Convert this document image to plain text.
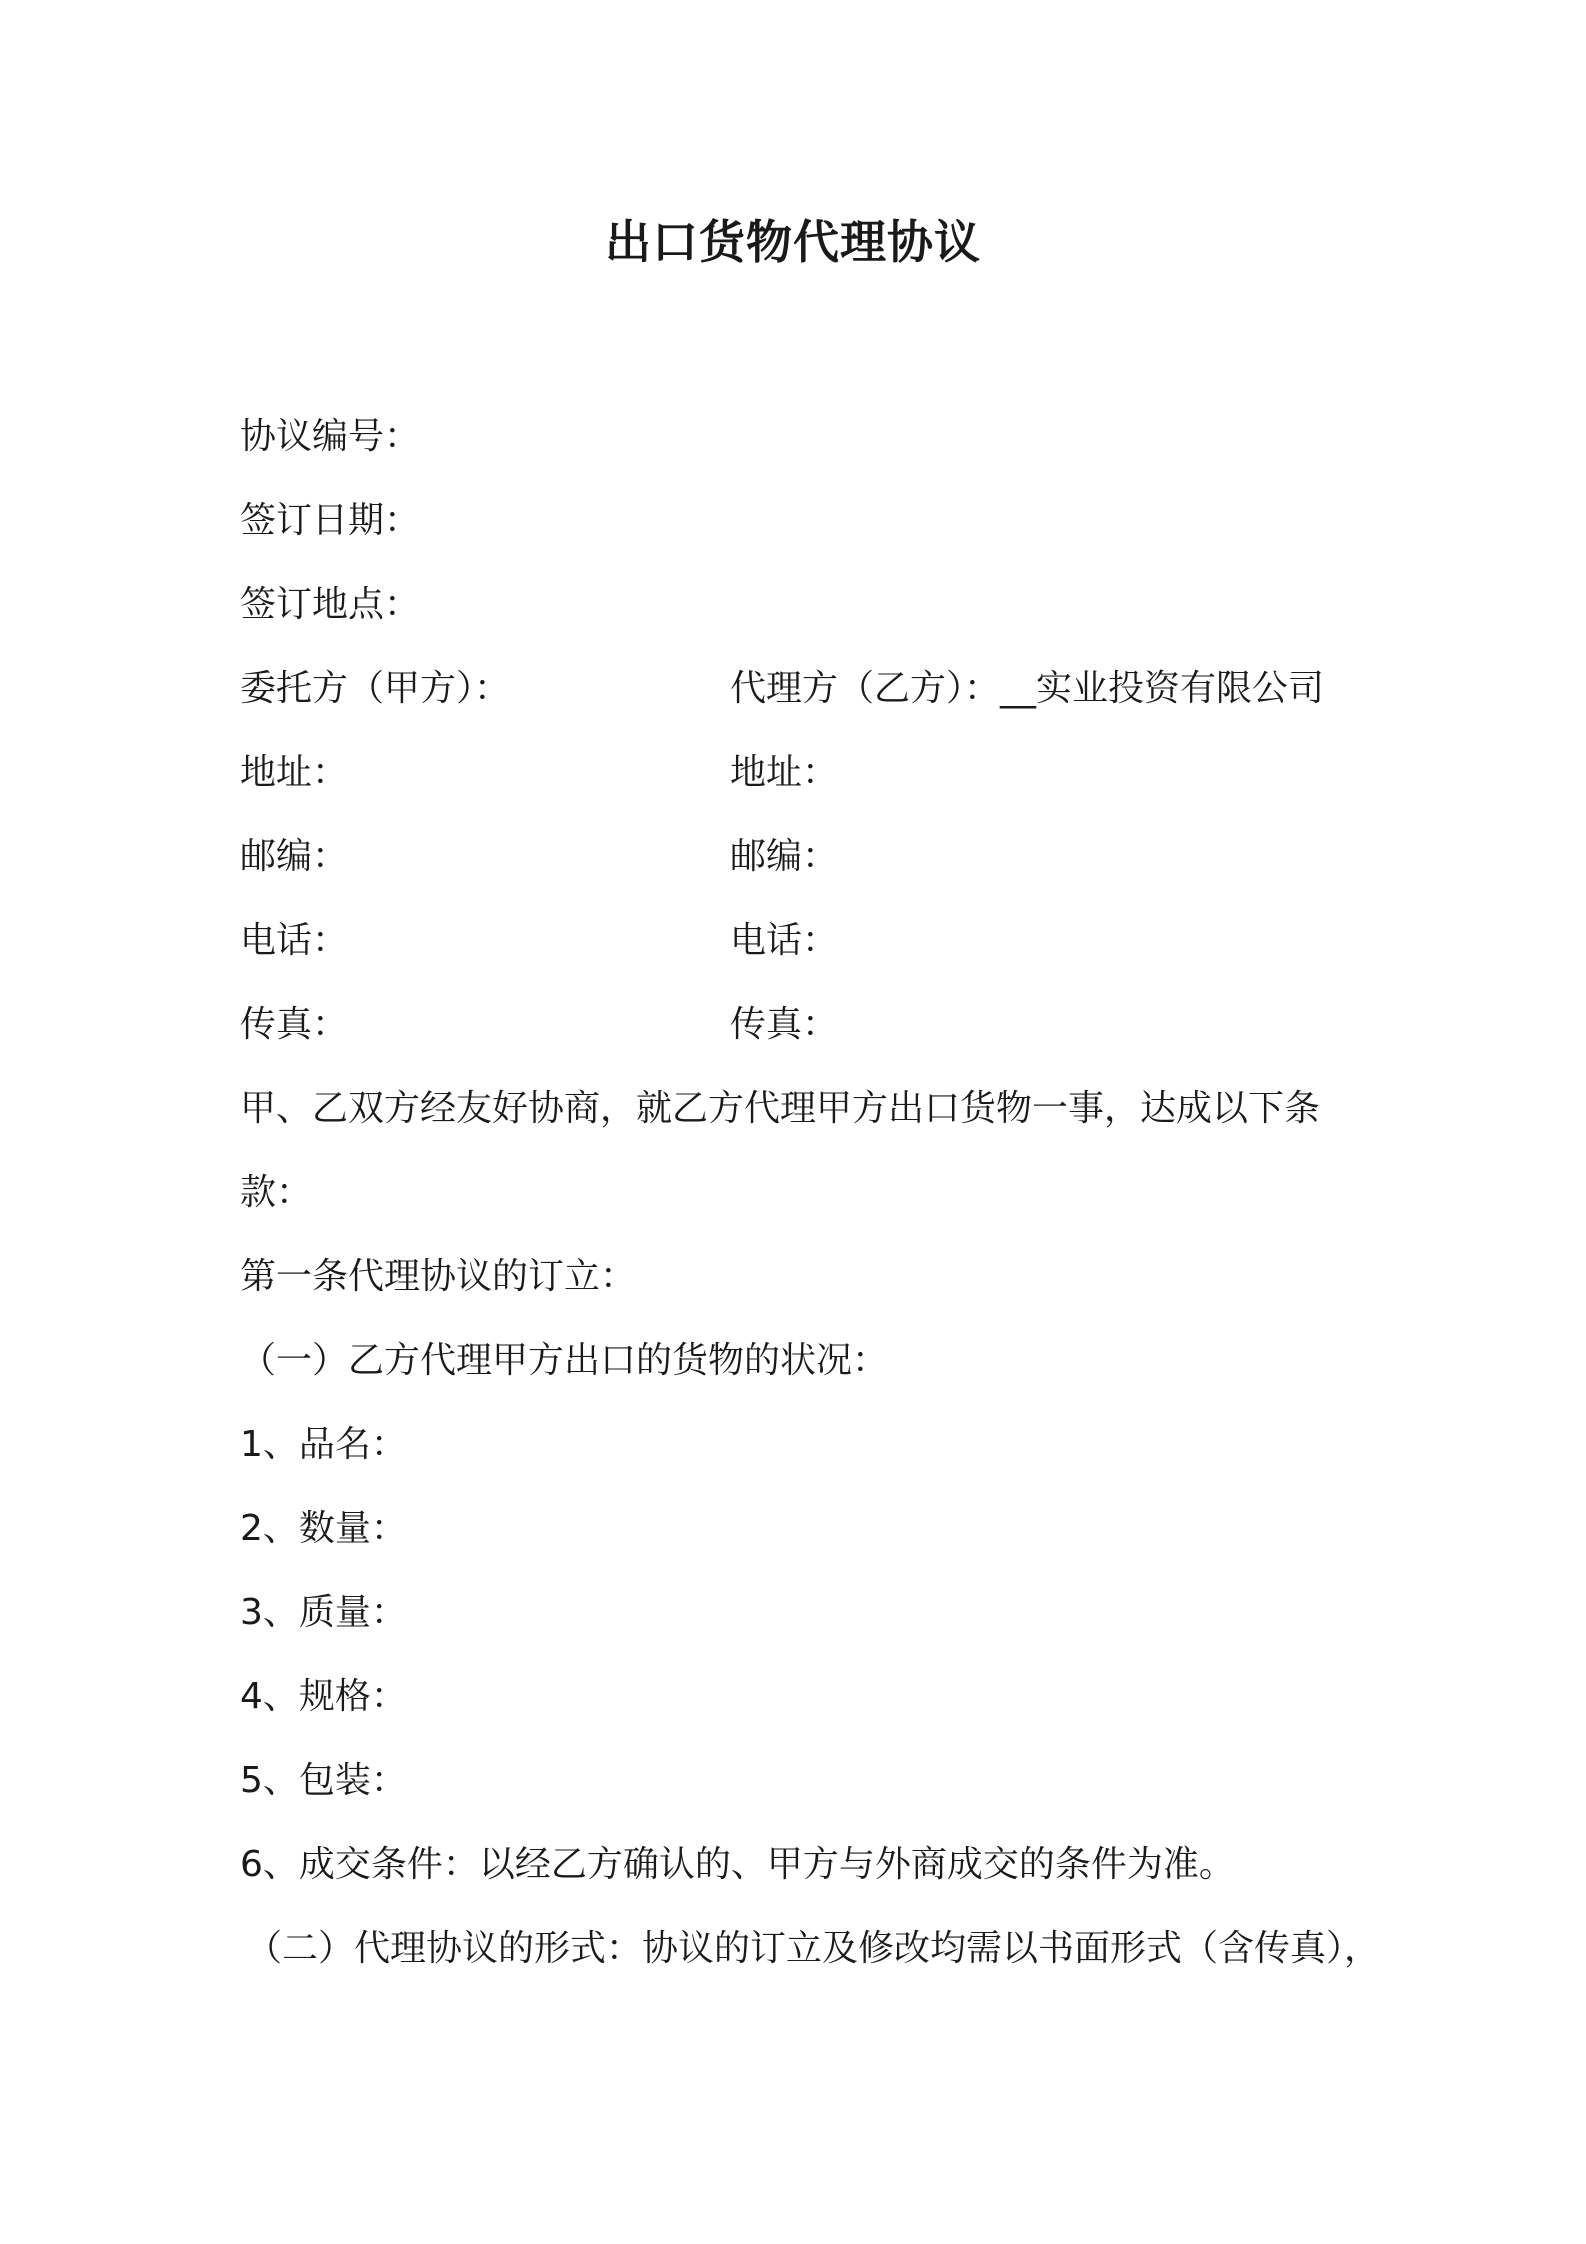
出口货物代理协议
协议编号：
签订日期：
签订地点：
委托方（甲方）：	代理方（乙方）：__实业投资有限公司
地址：	地址：
邮编：	邮编：
电话：	电话：
传真：	传真：
甲、乙双方经友好协商，就乙方代理甲方出口货物一事，达成以下条
款：
第一条代理协议的订立：
（一）乙方代理甲方出口的货物的状况：
1、品名：
2、数量：
3、质量：
4、规格：
5、包装：
6、成交条件：以经乙方确认的、甲方与外商成交的条件为准。
（二）代理协议的形式：协议的订立及修改均需以书面形式（含传真），
